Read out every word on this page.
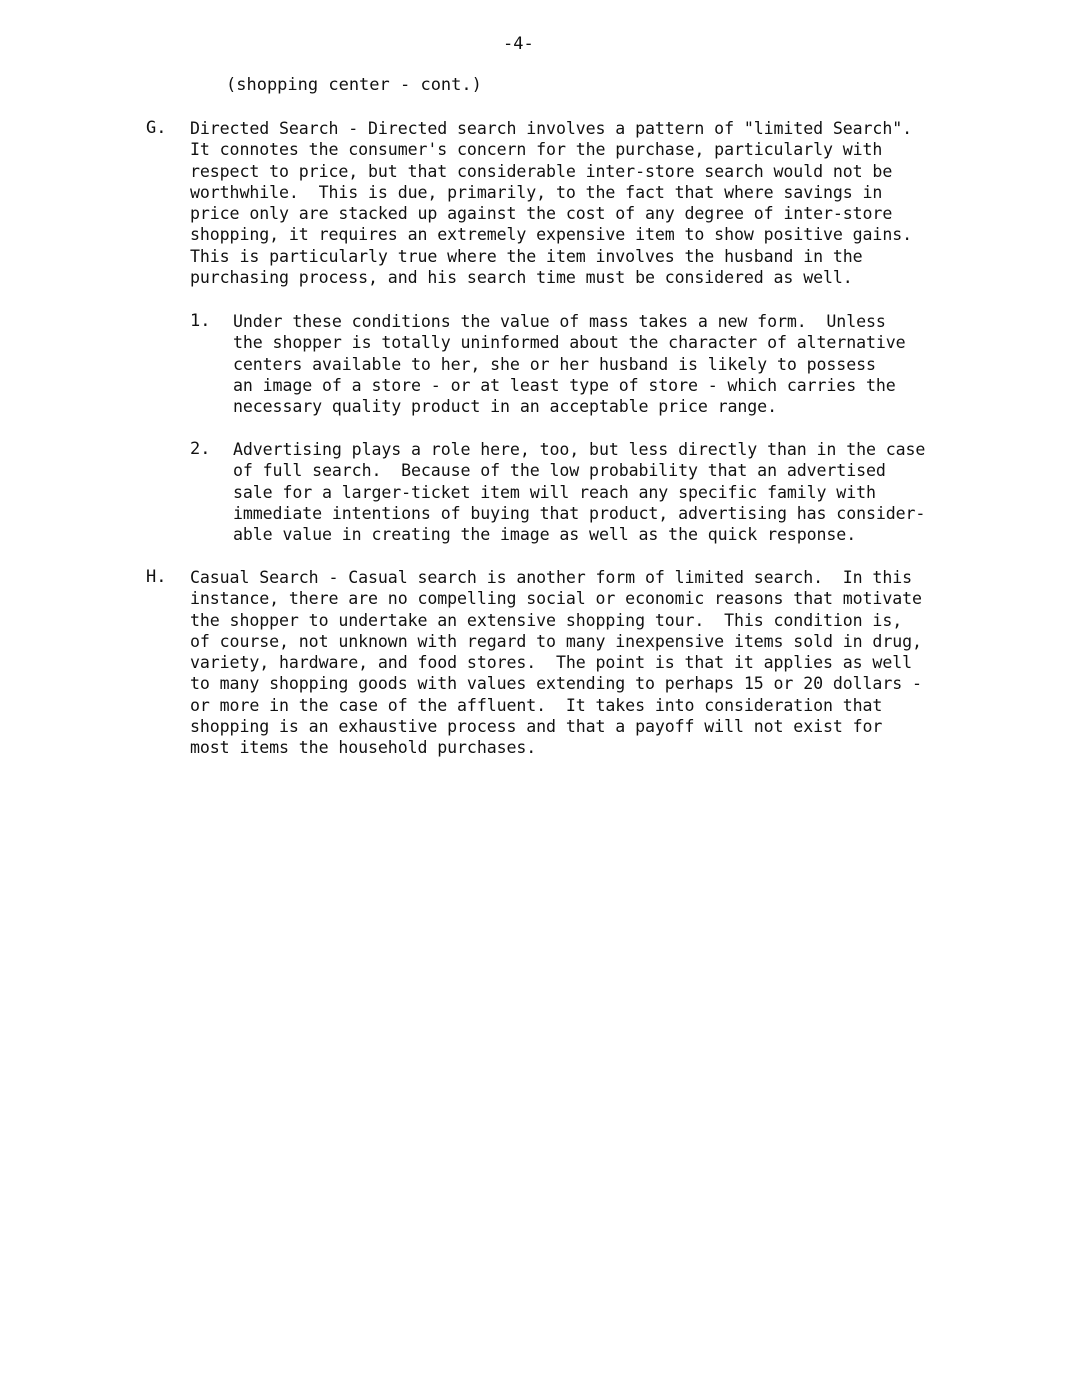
-4-
(shopping center - cont.)
G. Directed Search - Directed search involves a pattern of "limited Search".
It connotes the consumer's concern for the purchase, particularly with
respect to price, but that considerable inter-store search would not be
worthwhile.  This is due, primarily, to the fact that where savings in
price only are stacked up against the cost of any degree of inter-store
shopping, it requires an extremely expensive item to show positive gains.
This is particularly true where the item involves the husband in the
purchasing process, and his search time must be considered as well.
1. Under these conditions the value of mass takes a new form.  Unless
the shopper is totally uninformed about the character of alternative
centers available to her, she or her husband is likely to possess
an image of a store - or at least type of store - which carries the
necessary quality product in an acceptable price range.
2. Advertising plays a role here, too, but less directly than in the case
of full search.  Because of the low probability that an advertised
sale for a larger-ticket item will reach any specific family with
immediate intentions of buying that product, advertising has consider-
able value in creating the image as well as the quick response.
H. Casual Search - Casual search is another form of limited search.  In this
instance, there are no compelling social or economic reasons that motivate
the shopper to undertake an extensive shopping tour.  This condition is,
of course, not unknown with regard to many inexpensive items sold in drug,
variety, hardware, and food stores.  The point is that it applies as well
to many shopping goods with values extending to perhaps 15 or 20 dollars -
or more in the case of the affluent.  It takes into consideration that
shopping is an exhaustive process and that a payoff will not exist for
most items the household purchases.
